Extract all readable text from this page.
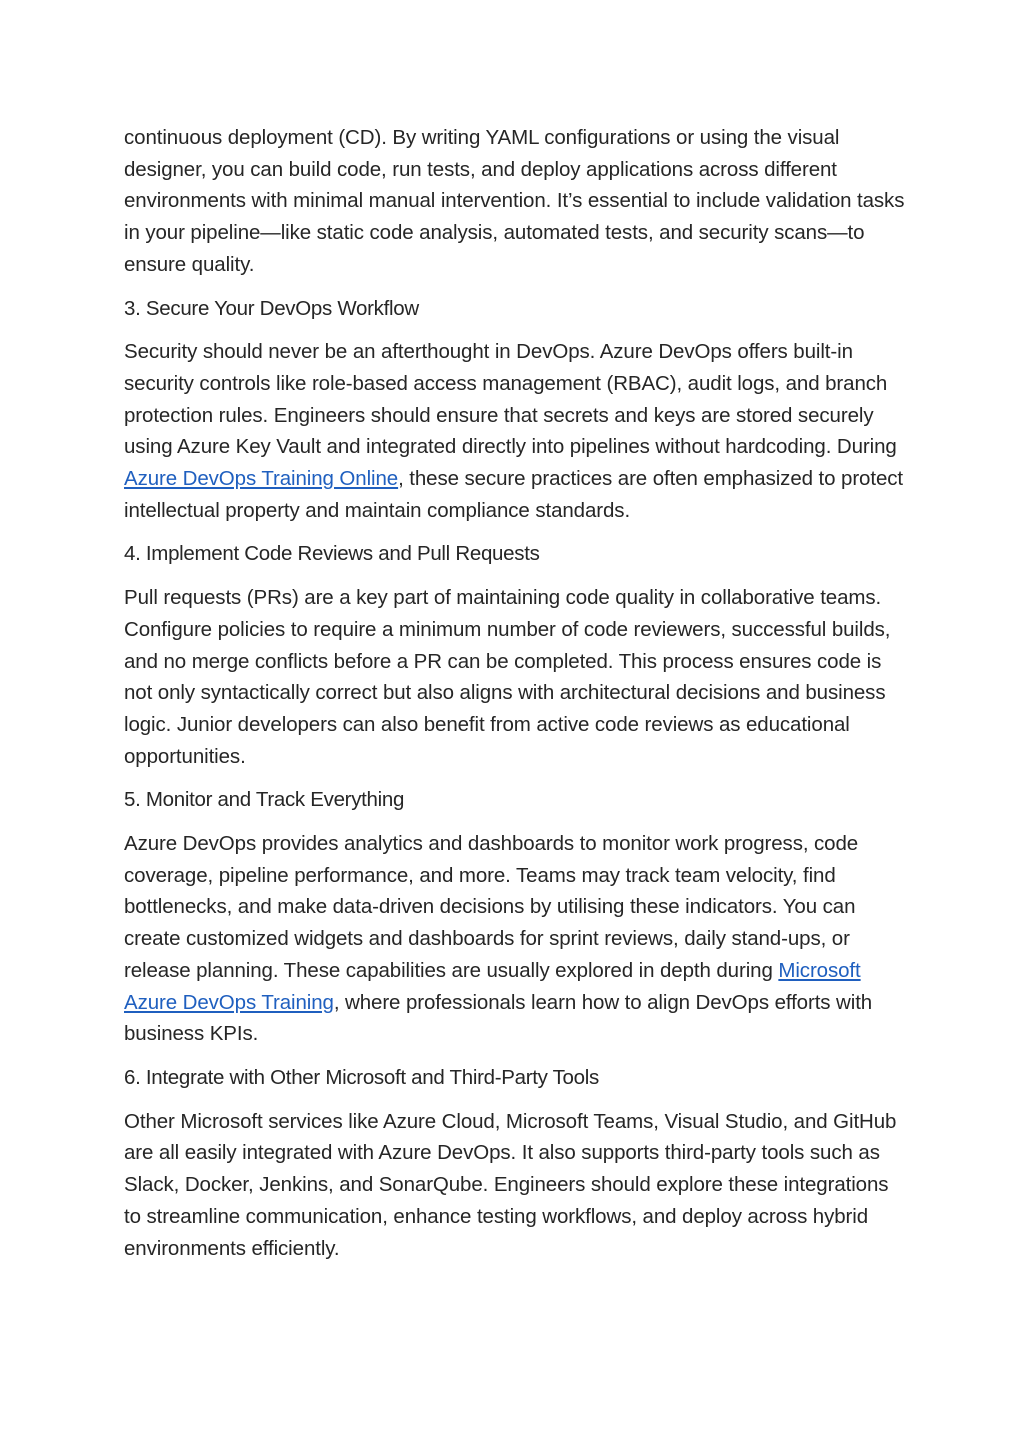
continuous deployment (CD). By writing YAML configurations or using the visual designer, you can build code, run tests, and deploy applications across different environments with minimal manual intervention. It’s essential to include validation tasks in your pipeline—like static code analysis, automated tests, and security scans—to ensure quality.

3. Secure Your DevOps Workflow

Security should never be an afterthought in DevOps. Azure DevOps offers built-in security controls like role-based access management (RBAC), audit logs, and branch protection rules. Engineers should ensure that secrets and keys are stored securely using Azure Key Vault and integrated directly into pipelines without hardcoding. During Azure DevOps Training Online, these secure practices are often emphasized to protect intellectual property and maintain compliance standards.

4. Implement Code Reviews and Pull Requests

Pull requests (PRs) are a key part of maintaining code quality in collaborative teams. Configure policies to require a minimum number of code reviewers, successful builds, and no merge conflicts before a PR can be completed. This process ensures code is not only syntactically correct but also aligns with architectural decisions and business logic. Junior developers can also benefit from active code reviews as educational opportunities.

5. Monitor and Track Everything

Azure DevOps provides analytics and dashboards to monitor work progress, code coverage, pipeline performance, and more. Teams may track team velocity, find bottlenecks, and make data-driven decisions by utilising these indicators. You can create customized widgets and dashboards for sprint reviews, daily stand-ups, or release planning. These capabilities are usually explored in depth during Microsoft Azure DevOps Training, where professionals learn how to align DevOps efforts with business KPIs.

6. Integrate with Other Microsoft and Third-Party Tools

Other Microsoft services like Azure Cloud, Microsoft Teams, Visual Studio, and GitHub are all easily integrated with Azure DevOps. It also supports third-party tools such as Slack, Docker, Jenkins, and SonarQube. Engineers should explore these integrations to streamline communication, enhance testing workflows, and deploy across hybrid environments efficiently.
